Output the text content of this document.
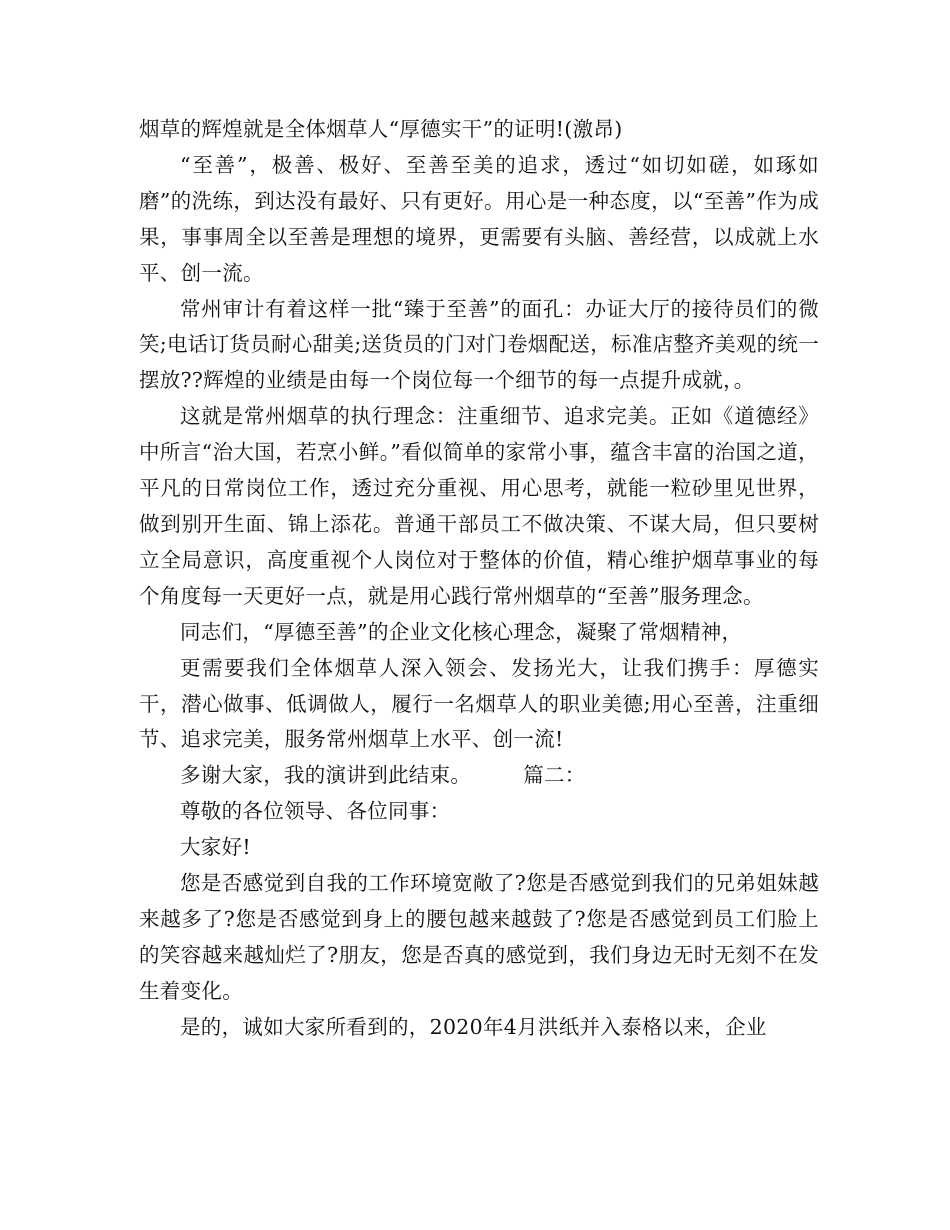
烟草的辉煌就是全体烟草人“厚德实干”的证明!(激昂)

“至善”，极善、极好、至善至美的追求，透过“如切如磋，如琢如磨”的洗练，到达没有最好、只有更好。用心是一种态度，以“至善”作为成果，事事周全以至善是理想的境界，更需要有头脑、善经营，以成就上水平、创一流。

常州审计有着这样一批“臻于至善”的面孔：办证大厅的接待员们的微笑;电话订货员耐心甜美;送货员的门对门卷烟配送，标准店整齐美观的统一摆放??辉煌的业绩是由每一个岗位每一个细节的每一点提升成就，。

这就是常州烟草的执行理念：注重细节、追求完美。正如《道德经》中所言“治大国，若烹小鲜。”看似简单的家常小事，蕴含丰富的治国之道，平凡的日常岗位工作，透过充分重视、用心思考，就能一粒砂里见世界，做到别开生面、锦上添花。普通干部员工不做决策、不谋大局，但只要树立全局意识，高度重视个人岗位对于整体的价值，精心维护烟草事业的每个角度每一天更好一点，就是用心践行常州烟草的“至善”服务理念。

同志们，“厚德至善”的企业文化核心理念，凝聚了常烟精神，

更需要我们全体烟草人深入领会、发扬光大，让我们携手：厚德实干，潜心做事、低调做人，履行一名烟草人的职业美德;用心至善，注重细节、追求完美，服务常州烟草上水平、创一流!

多谢大家，我的演讲到此结束。	篇二：

尊敬的各位领导、各位同事：

大家好!

您是否感觉到自我的工作环境宽敞了?您是否感觉到我们的兄弟姐妹越来越多了?您是否感觉到身上的腰包越来越鼓了?您是否感觉到员工们脸上的笑容越来越灿烂了?朋友，您是否真的感觉到，我们身边无时无刻不在发生着变化。

是的，诚如大家所看到的，2020年4月洪纸并入泰格以来，企业
